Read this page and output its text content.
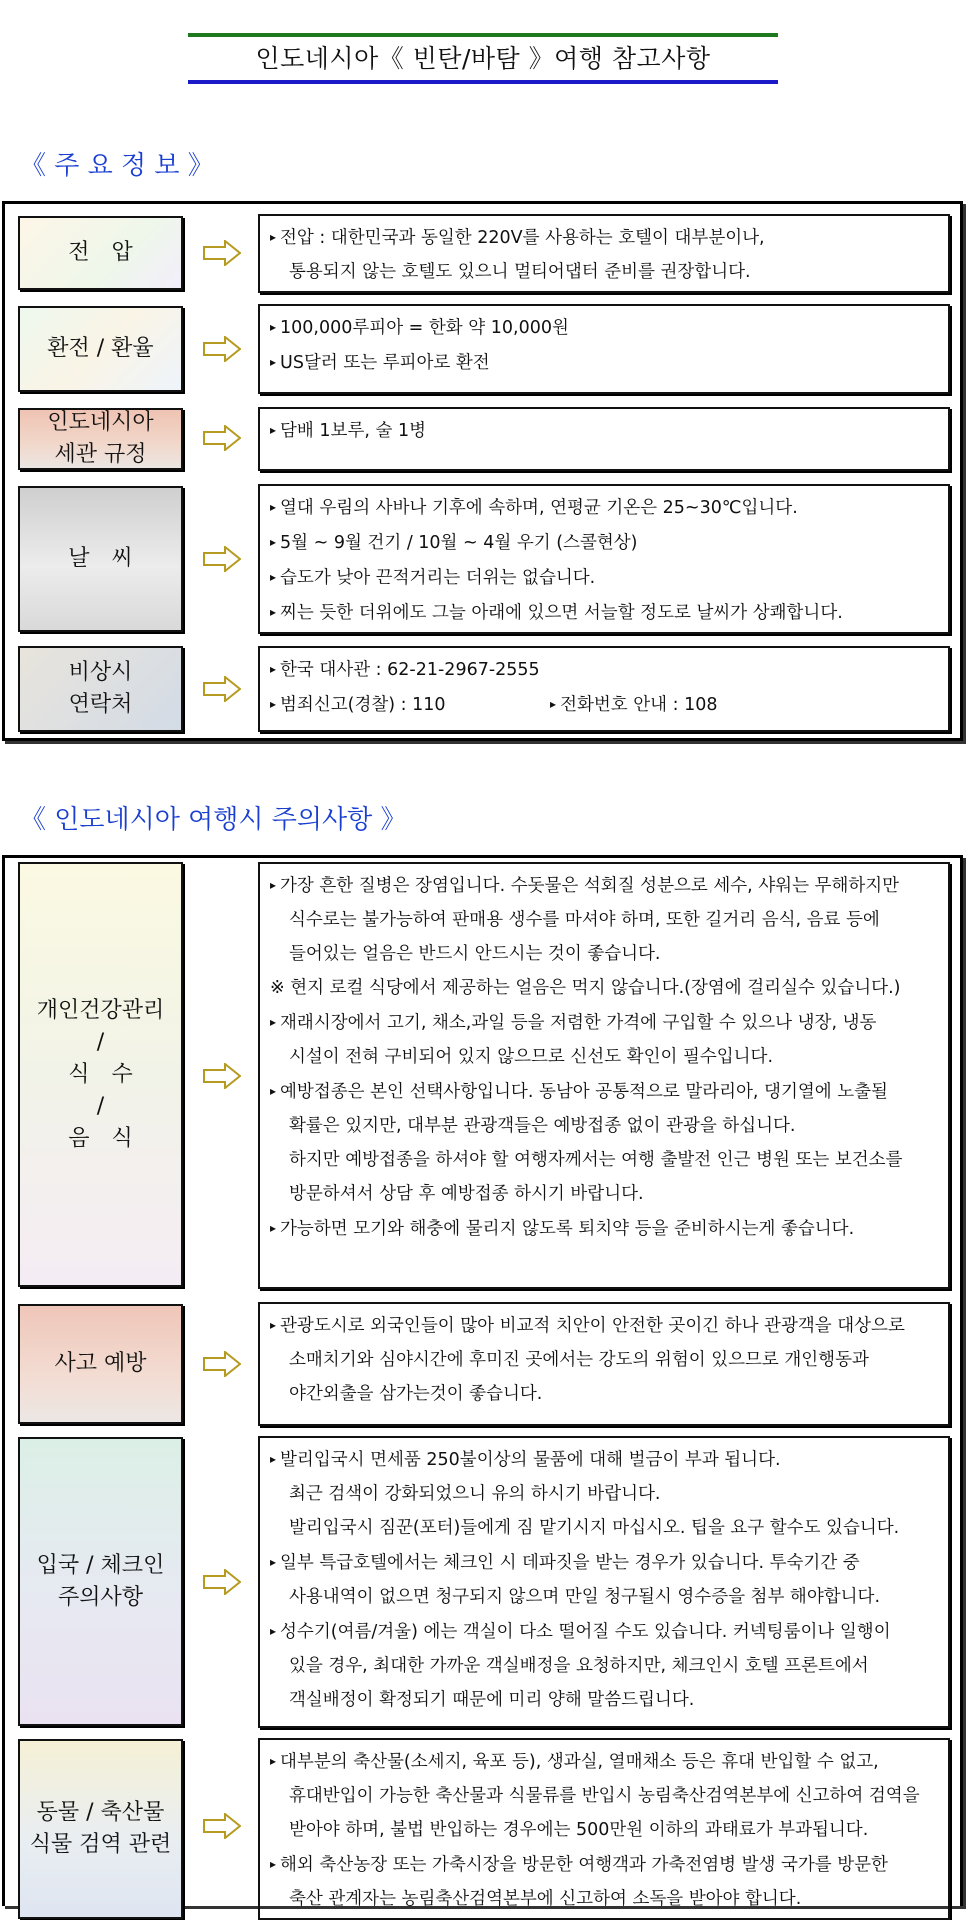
인도네시아《 빈탄/바탐 》여행 참고사항
《 주 요 정 보 》
전　압
▸ 전압 : 대한민국과 동일한 220V를 사용하는 호텔이 대부분이나,
통용되지 않는 호텔도 있으니 멀티어댑터 준비를 권장합니다.
환전 / 환율
▸ 100,000루피아 = 한화 약 10,000원
▸ US달러 또는 루피아로 환전
인도네시아
세관 규정
▸ 담배 1보루, 술 1병
날　씨
▸ 열대 우림의 사바나 기후에 속하며, 연평균 기온은 25~30℃입니다.
▸ 5월 ~ 9월 건기 / 10월 ~ 4월 우기 (스콜현상)
▸ 습도가 낮아 끈적거리는 더위는 없습니다.
▸ 찌는 듯한 더위에도 그늘 아래에 있으면 서늘할 정도로 날씨가 상쾌합니다.
비상시
연락처
▸ 한국 대사관 : 62-21-2967-2555
▸ 범죄신고(경찰) : 110	▸ 전화번호 안내 : 108
《 인도네시아 여행시 주의사항 》
개인건강관리
/
식　수
/
음　식
▸ 가장 흔한 질병은 장염입니다. 수돗물은 석회질 성분으로 세수, 샤워는 무해하지만
식수로는 불가능하여 판매용 생수를 마셔야 하며, 또한 길거리 음식, 음료 등에
들어있는 얼음은 반드시 안드시는 것이 좋습니다.
※ 현지 로컬 식당에서 제공하는 얼음은 먹지 않습니다.(장염에 걸리실수 있습니다.)
▸ 재래시장에서 고기, 채소,과일 등을 저렴한 가격에 구입할 수 있으나 냉장, 냉동
시설이 전혀 구비되어 있지 않으므로 신선도 확인이 필수입니다.
▸ 예방접종은 본인 선택사항입니다. 동남아 공통적으로 말라리아, 댕기열에 노출될
확률은 있지만, 대부분 관광객들은 예방접종 없이 관광을 하십니다.
하지만 예방접종을 하셔야 할 여행자께서는 여행 출발전 인근 병원 또는 보건소를
방문하셔서 상담 후 예방접종 하시기 바랍니다.
▸ 가능하면 모기와 해충에 물리지 않도록 퇴치약 등을 준비하시는게 좋습니다.
사고 예방
▸ 관광도시로 외국인들이 많아 비교적 치안이 안전한 곳이긴 하나 관광객을 대상으로
소매치기와 심야시간에 후미진 곳에서는 강도의 위험이 있으므로 개인행동과
야간외출을 삼가는것이 좋습니다.
입국 / 체크인
주의사항
▸ 발리입국시 면세품 250불이상의 물품에 대해 벌금이 부과 됩니다.
최근 검색이 강화되었으니 유의 하시기 바랍니다.
발리입국시 짐꾼(포터)들에게 짐 맡기시지 마십시오. 팁을 요구 할수도 있습니다.
▸ 일부 특급호텔에서는 체크인 시 데파짓을 받는 경우가 있습니다. 투숙기간 중
사용내역이 없으면 청구되지 않으며 만일 청구될시 영수증을 첨부 해야합니다.
▸ 성수기(여름/겨울) 에는 객실이 다소 떨어질 수도 있습니다. 커넥팅룸이나 일행이
있을 경우, 최대한 가까운 객실배정을 요청하지만, 체크인시 호텔 프론트에서
객실배정이 확정되기 때문에 미리 양해 말씀드립니다.
동물 / 축산물
식물 검역 관련
▸ 대부분의 축산물(소세지, 육포 등), 생과실, 열매채소 등은 휴대 반입할 수 없고,
휴대반입이 가능한 축산물과 식물류를 반입시 농림축산검역본부에 신고하여 검역을
받아야 하며, 불법 반입하는 경우에는 500만원 이하의 과태료가 부과됩니다.
▸ 해외 축산농장 또는 가축시장을 방문한 여행객과 가축전염병 발생 국가를 방문한
축산 관계자는 농림축산검역본부에 신고하여 소독을 받아야 합니다.
